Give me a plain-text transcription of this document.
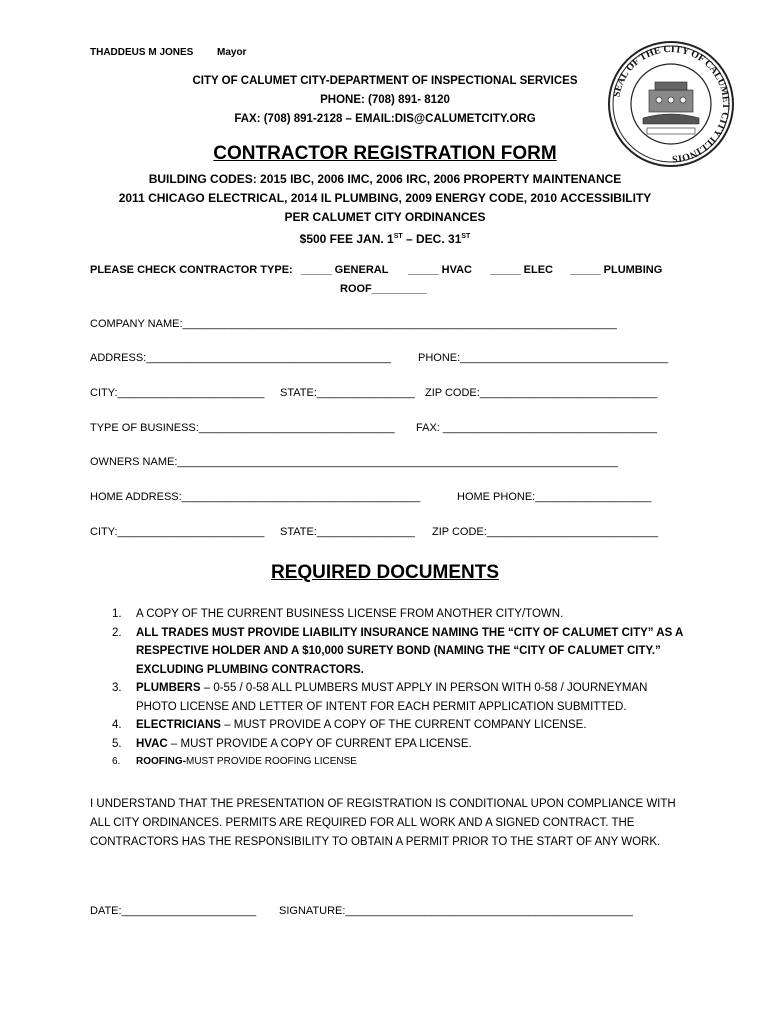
THADDEUS M JONES Mayor
CITY OF CALUMET CITY-DEPARTMENT OF INSPECTIONAL SERVICES
PHONE: (708) 891- 8120
FAX: (708) 891-2128 – EMAIL:DIS@CALUMETCITY.ORG
SEAL OF THE CITY OF CALUMET CITY ILLINOIS
CONTRACTOR REGISTRATION FORM
BUILDING CODES: 2015 IBC, 2006 IMC, 2006 IRC, 2006 PROPERTY MAINTENANCE
2011 CHICAGO ELECTRICAL, 2014 IL PLUMBING, 2009 ENERGY CODE, 2010 ACCESSIBILITY
PER CALUMET CITY ORDINANCES
$500 FEE JAN. 1ST – DEC. 31ST
PLEASE CHECK CONTRACTOR TYPE: _____ GENERAL _____ HVAC _____ ELEC _____ PLUMBING
ROOF_________
COMPANY NAME:_______________________________________________________________________
ADDRESS:________________________________________ PHONE:__________________________________
CITY:________________________ STATE:________________ ZIP CODE:_____________________________
TYPE OF BUSINESS:________________________________ FAX: ___________________________________
OWNERS NAME:________________________________________________________________________
HOME ADDRESS:_______________________________________	HOME PHONE:___________________
CITY:________________________ STATE:________________ ZIP CODE:____________________________
REQUIRED DOCUMENTS
1. A COPY OF THE CURRENT BUSINESS LICENSE FROM ANOTHER CITY/TOWN.
2. ALL TRADES MUST PROVIDE LIABILITY INSURANCE NAMING THE “CITY OF CALUMET CITY” AS A RESPECTIVE HOLDER AND A $10,000 SURETY BOND (NAMING THE “CITY OF CALUMET CITY.” EXCLUDING PLUMBING CONTRACTORS.
3. PLUMBERS – 0-55 / 0-58 ALL PLUMBERS MUST APPLY IN PERSON WITH 0-58 / JOURNEYMAN PHOTO LICENSE AND LETTER OF INTENT FOR EACH PERMIT APPLICATION SUBMITTED.
4. ELECTRICIANS – MUST PROVIDE A COPY OF THE CURRENT COMPANY LICENSE.
5. HVAC – MUST PROVIDE A COPY OF CURRENT EPA LICENSE.
6. ROOFING-MUST PROVIDE ROOFING LICENSE
I UNDERSTAND THAT THE PRESENTATION OF REGISTRATION IS CONDITIONAL UPON COMPLIANCE WITH ALL CITY ORDINANCES. PERMITS ARE REQUIRED FOR ALL WORK AND A SIGNED CONTRACT. THE CONTRACTORS HAS THE RESPONSIBILITY TO OBTAIN A PERMIT PRIOR TO THE START OF ANY WORK.
DATE:______________________ SIGNATURE:_______________________________________________
